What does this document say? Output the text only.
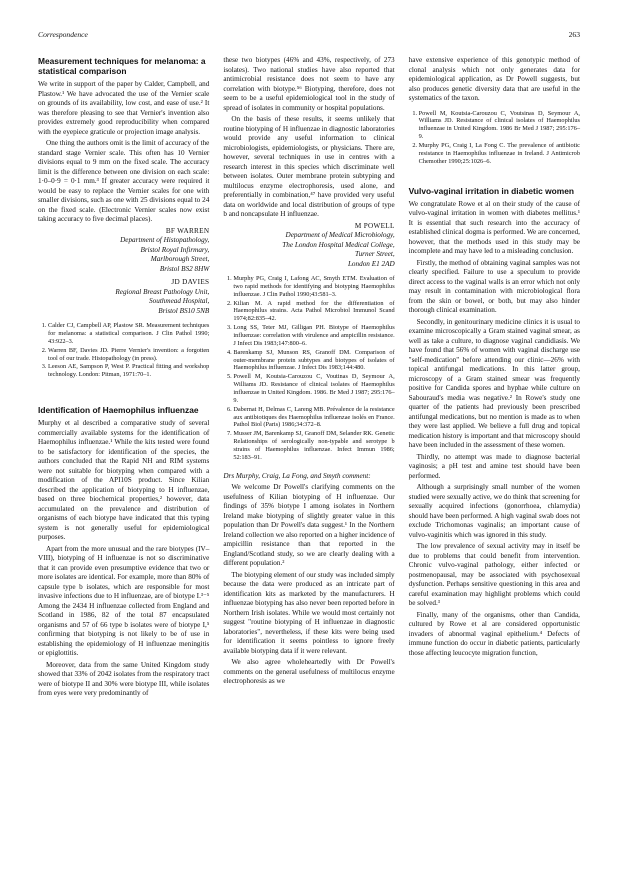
Correspondence	263
Measurement techniques for melanoma: a statistical comparison

We write in support of the paper by Calder, Campbell, and Plastow.¹ We have advocated the use of the Vernier scale on grounds of its availability, low cost, and ease of use.² It was therefore pleasing to see that Vernier's invention also provides extremely good reproducibility when compared with the eyepiece graticule or projection image analysis.

One thing the authors omit is the limit of accuracy of the standard stage Vernier scale. This often has 10 Vernier divisions equal to 9 mm on the fixed scale. The accuracy limit is the difference between one division on each scale: 1·0–0·9 = 0·1 mm.³ If greater accuracy were required it would be easy to replace the Vernier scales for one with smaller divisions, such as one with 25 divisions equal to 24 on the fixed scale. (Electronic Vernier scales now exist taking accuracy to five decimal places).

BF WARREN
Department of Histopathology,
Bristol Royal Infirmary,
Marlborough Street,
Bristol BS2 8HW
JD DAVIES
Regional Breast Pathology Unit,
Southmead Hospital,
Bristol BS10 5NB
1. Calder CJ, Campbell AP, Plastow SR. Measurement techniques for melanoma: a statistical comparison. J Clin Pathol 1990; 43:922–3.
2. Warren BF, Davies JD. Pierre Vernier's invention: a forgotten tool of our trade. Histopathology (in press).
3. Leeson AE, Sampson P, West P. Practical fitting and workshop technology. London: Pitman, 1971:70–1.
Identification of Haemophilus influenzae

Murphy et al described a comparative study of several commercially available systems for the identification of Haemophilus influenzae.¹ While the kits tested were found to be satisfactory for identification of the species, the authors concluded that the Rapid NH and RIM systems were not suitable for biotyping when compared with a modification of the API10S product. Since Kilian described the application of biotyping to H influenzae, based on three biochemical properties,² however, data accumulated on the prevalence and distribution of organisms of each biotype have indicated that this typing system is not generally useful for epidemiological purposes.

Apart from the more unusual and the rare biotypes (IV–VIII), biotyping of H influenzae is not so discriminative that it can provide even presumptive evidence that two or more isolates are identical. For example, more than 80% of capsule type b isolates, which are responsible for most invasive infections due to H influenzae, are of biotype I.³⁻⁵ Among the 2434 H influenzae collected from England and Scotland in 1986, 82 of the total 87 encapsulated organisms and 57 of 66 type b isolates were of biotype I,⁵ confirming that biotyping is not likely to be of use in establishing the epidemiology of H influenzae meningitis or epiglottitis.

Moreover, data from the same United Kingdom study showed that 33% of 2042 isolates from the respiratory tract were of biotype II and 30% were biotype III, while isolates from eyes were very predominantly of

these two biotypes (46% and 43%, respectively, of 273 isolates). Two national studies have also reported that antimicrobial resistance does not seem to have any correlation with biotype.⁵⁶ Biotyping, therefore, does not seem to be a useful epidemiological tool in the study of spread of isolates in community or hospital populations.

On the basis of these results, it seems unlikely that routine biotyping of H influenzae in diagnostic laboratories would provide any useful information to clinical microbiologists, epidemiologists, or physicians. There are, however, several techniques in use in centres with a research interest in this species which discriminate well between isolates. Outer membrane protein subtyping and multilocus enzyme electrophoresis, used alone, and preferentially in combination,⁴⁷ have provided very useful data on worldwide and local distribution of groups of type b and noncapsulate H influenzae.

M POWELL
Department of Medical Microbiology,
The London Hospital Medical College,
Turner Street,
London E1 2AD
1. Murphy PG, Craig I, Lafong AC, Smyth ETM. Evaluation of two rapid methods for identifying and biotyping Haemophilus influenzae. J Clin Pathol 1990;43:581–3.
2. Kilian M. A rapid method for the differentiation of Haemophilus strains. Acta Pathol Microbiol Immunol Scand 1974;82:835–42.
3. Long SS, Teter MJ, Gilligan PH. Biotype of Haemophilus influenzae: correlation with virulence and ampicillin resistance. J Infect Dis 1983;147:800–6.
4. Barenkamp SJ, Munson RS, Granoff DM. Comparison of outer-membrane protein subtypes and biotypes of isolates of Haemophilus influenzae. J Infect Dis 1983;144:480.
5. Powell M, Koutsia-Carouzou C, Voutinas D, Seymour A, Williams JD. Resistance of clinical isolates of Haemophilus influenzae in United Kingdom. 1986. Br Med J 1987; 295:176–9.
6. Dabernat H, Delmas C, Lareng MB. Prévalence de la resistance aux antibiotiques des Haemophilus influenzae isolés en France. Pathol Biol (Paris) 1986;34:372–8.
7. Musser JM, Barenkamp SJ, Granoff DM, Selander RK. Genetic Relationships of serologically non-typable and serotype b strains of Haemophilus influenzae. Infect Immun 1986; 52:183–91.
Drs Murphy, Craig, La Fong, and Smyth comment:

We welcome Dr Powell's clarifying comments on the usefulness of Kilian biotyping of H influenzae. Our findings of 35% biotype I among isolates in Northern Ireland make biotyping of slightly greater value in this population than Dr Powell's data suggest.¹ In the Northern Ireland collection we also reported on a higher incidence of ampicillin resistance than that reported in the England/Scotland study, so we are clearly dealing with a different population.²

The biotyping element of our study was included simply because the data were produced as an intricate part of identification kits as marketed by the manufacturers. H influenzae biotyping has also never been reported before in Northern Irish isolates. While we would most certainly not suggest "routine biotyping of H influenzae in diagnostic laboratories", nevertheless, if these kits were being used for identification it seems pointless to ignore freely available biotyping data if it were relevant.

We also agree wholeheartedly with Dr Powell's comments on the general usefulness of multilocus enzyme electrophoresis as we

have extensive experience of this genotypic method of clonal analysis which not only generates data for epidemiological application, as Dr Powell suggests, but also produces genetic diversity data that are useful in the systematics of the taxon.

1. Powell M, Koutsia-Carouzou C, Voutsinas D, Seymour A, Williams JD. Resistance of clinical isolates of Haemophilus influenzae in United Kingdom. 1986 Br Med J 1987; 295:176–9.
2. Murphy PG, Craig I, La Fong C. The prevalence of antibiotic resistance in Haemophilus influenzae in Ireland. J Antimicrob Chemother 1990;25:1026–6.
Vulvo-vaginal irritation in diabetic women

We congratulate Rowe et al on their study of the cause of vulvo-vaginal irritation in women with diabetes mellitus.¹ It is essential that such research into the accuracy of established clinical dogma is performed. We are concerned, however, that the methods used in this study may be incomplete and may have led to a misleading conclusion.

Firstly, the method of obtaining vaginal samples was not clearly specified. Failure to use a speculum to provide direct access to the vaginal walls is an error which not only may result in contamination with microbiological flora from the skin or bowel, or both, but may also hinder thorough clinical examination.

Secondly, in genitourinary medicine clinics it is usual to examine microscopically a Gram stained vaginal smear, as well as take a culture, to diagnose vaginal candidiasis. We have found that 56% of women with vaginal discharge use "self-medication" before attending our clinic—26% with topical antifungal medications. In this latter group, microscopy of a Gram stained smear was frequently positive for Candida spores and hyphae while culture on Sabouraud's media was negative.² In Rowe's study one quarter of the patients had previously been prescribed antifungal medications, but no mention is made as to when they were last applied. We believe a full drug and topical medication history is important and that microscopy should have been included in the assessment of these women.

Thirdly, no attempt was made to diagnose bacterial vaginosis; a pH test and amine test should have been performed.

Although a surprisingly small number of the women studied were sexually active, we do think that screening for sexually acquired infections (gonorrhoea, chlamydia) should have been performed. A high vaginal swab does not exclude Trichomonas vaginalis; an important cause of vulvo-vaginitis which was ignored in this study.

The low prevalence of sexual activity may in itself be due to problems that could benefit from intervention. Chronic vulvo-vaginal pathology, either infected or postmenopausal, may be associated with psychosexual dysfunction. Perhaps sensitive questioning in this area and careful examination may highlight problems which could be solved.³

Finally, many of the organisms, other than Candida, cultured by Rowe et al are considered opportunistic invaders of abnormal vaginal epithelium.⁴ Defects of immune function do occur in diabetic patients, particularly those affecting leucocyte migration function,
